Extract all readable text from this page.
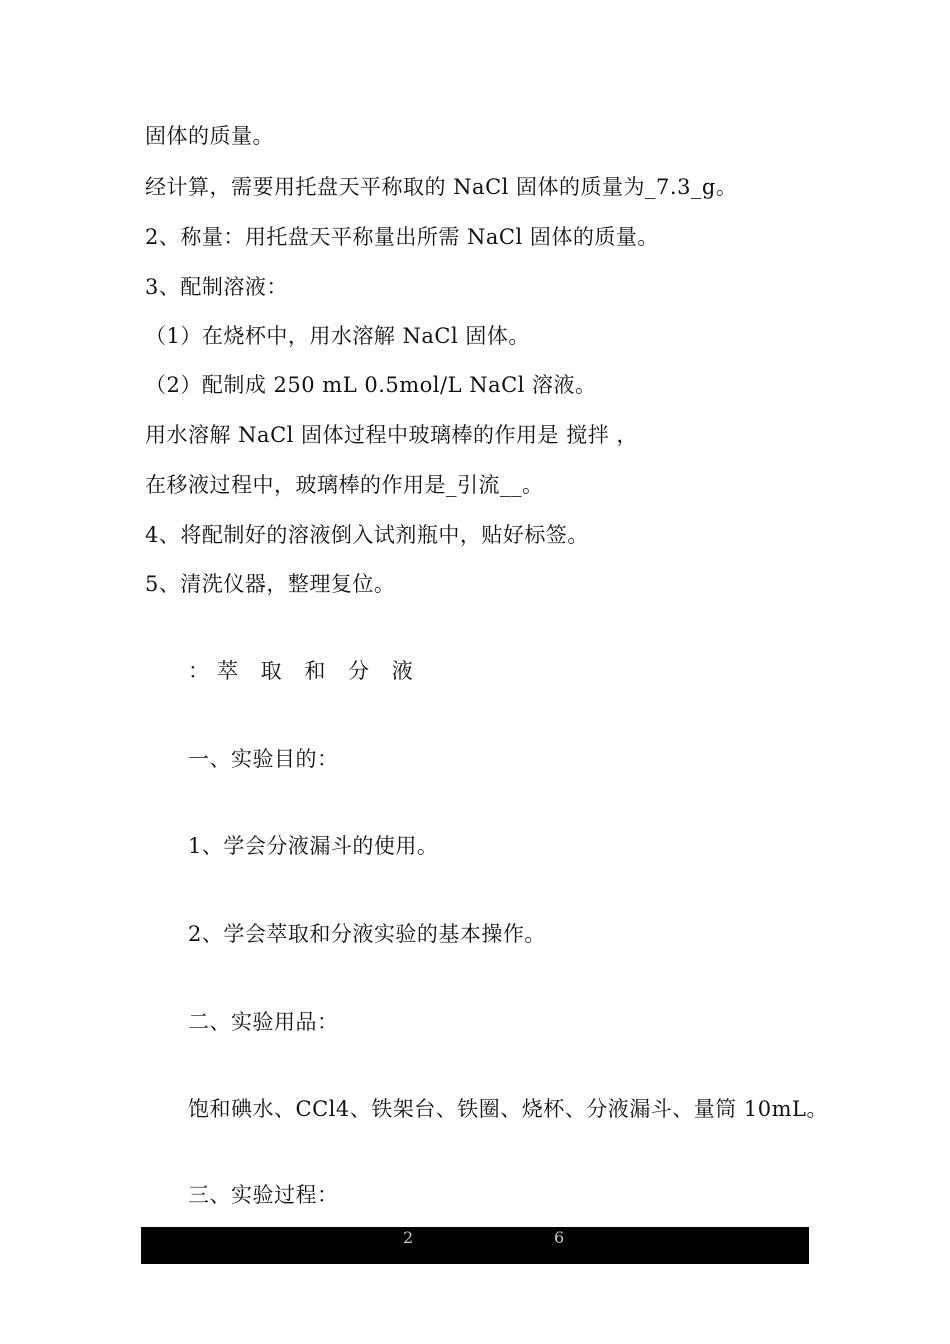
固体的质量。
经计算，需要用托盘天平称取的 NaCl 固体的质量为_7.3_g。
2、称量：用托盘天平称量出所需 NaCl 固体的质量。
3、配制溶液：
（1）在烧杯中，用水溶解 NaCl 固体。
（2）配制成 250 mL 0.5mol/L NaCl 溶液。
用水溶解 NaCl 固体过程中玻璃棒的作用是 搅拌 ，
在移液过程中，玻璃棒的作用是_引流__。
4、将配制好的溶液倒入试剂瓶中，贴好标签。
5、清洗仪器，整理复位。
：萃 取 和 分 液
一、实验目的：
1、学会分液漏斗的使用。
2、学会萃取和分液实验的基本操作。
二、实验用品：
饱和碘水、CCl4、铁架台、铁圈、烧杯、分液漏斗、量筒 10mL。
三、实验过程：
2	6
